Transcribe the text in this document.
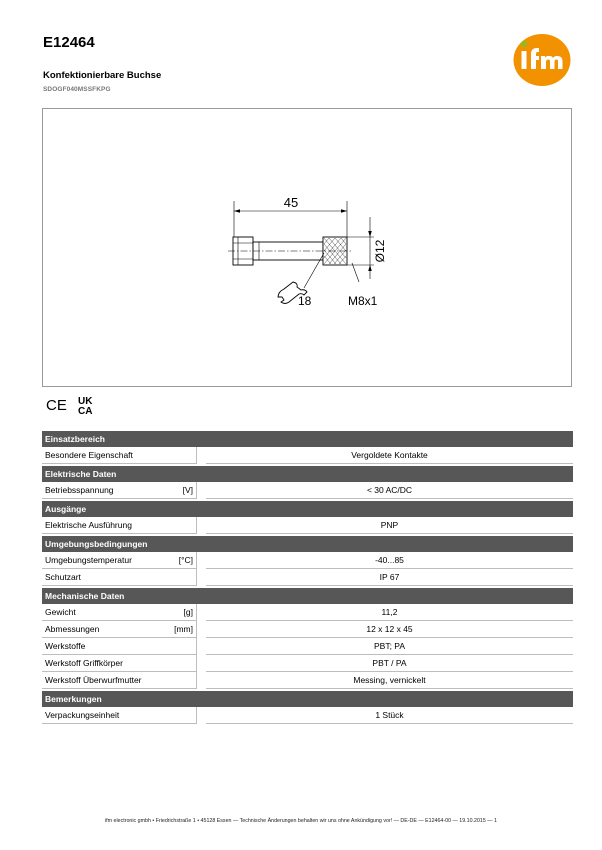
E12464
Konfektionierbare Buchse
SDOGF040MSSFKPG
45
Ø12
M8x1
18
CE UK
CA
Einsatzbereich			
Besondere Eigenschaft			Vergoldete Kontakte
Elektrische Daten			
Betriebsspannung	[V]		< 30 AC/DC
Ausgänge			
Elektrische Ausführung			PNP
Umgebungsbedingungen			
Umgebungstemperatur	[°C]		-40...85
Schutzart			IP 67
Mechanische Daten			
Gewicht	[g]		11,2
Abmessungen	[mm]		12 x 12 x 45
Werkstoffe			PBT; PA
Werkstoff Griffkörper			PBT / PA
Werkstoff Überwurfmutter			Messing, vernickelt
Bemerkungen			
Verpackungseinheit			1 Stück
ifm electronic gmbh • Friedrichstraße 1 • 45128 Essen — Technische Änderungen behalten wir uns ohne Ankündigung vor! — DE-DE — E12464-00 — 19.10.2015 — 1
